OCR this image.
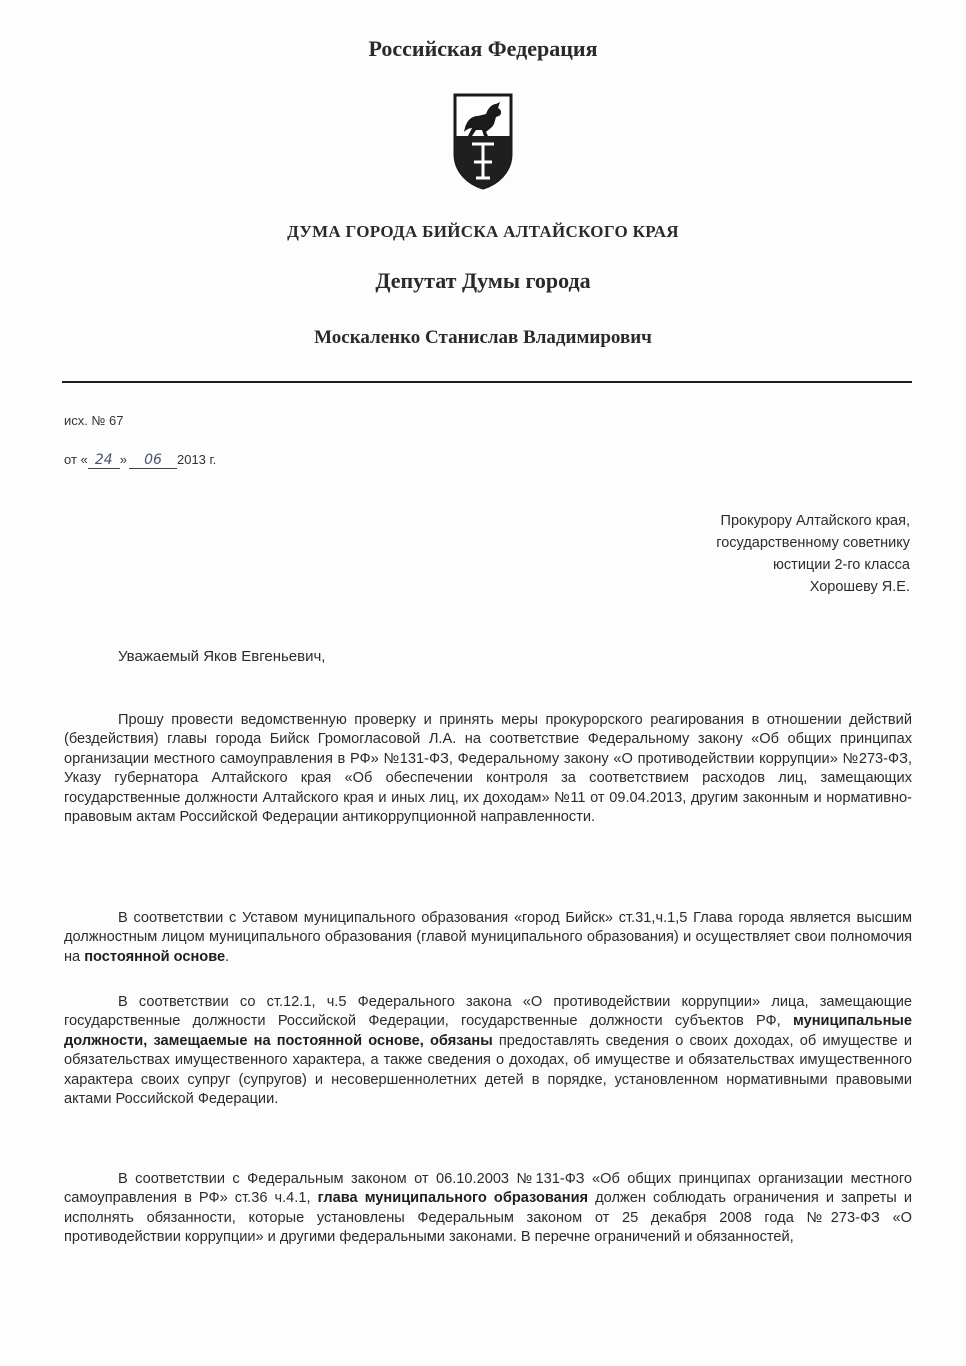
Российская Федерация
ДУМА ГОРОДА БИЙСКА АЛТАЙСКОГО КРАЯ
Депутат Думы города
Москаленко Станислав Владимирович
исх. № 67
от « 24 » 06 2013 г.
Прокурору Алтайского края,
государственному советнику
юстиции 2-го класса
Хорошеву Я.Е.
Уважаемый Яков Евгеньевич,

Прошу провести ведомственную проверку и принять меры прокурорского реагирования в отношении действий (бездействия) главы города Бийск Громогласовой Л.А. на соответствие Федеральному закону «Об общих принципах организации местного самоуправления в РФ» №131-ФЗ, Федеральному закону «О противодействии коррупции» №273-ФЗ, Указу губернатора Алтайского края «Об обеспечении контроля за соответствием расходов лиц, замещающих государственные должности Алтайского края и иных лиц, их доходам» №11 от 09.04.2013, другим законным и нормативно-правовым актам Российской Федерации антикоррупционной направленности.

В соответствии с Уставом муниципального образования «город Бийск» ст.31,ч.1,5 Глава города является высшим должностным лицом муниципального образования (главой муниципального образования) и осуществляет свои полномочия на постоянной основе.

В соответствии со ст.12.1, ч.5 Федерального закона «О противодействии коррупции» лица, замещающие государственные должности Российской Федерации, государственные должности субъектов РФ, муниципальные должности, замещаемые на постоянной основе, обязаны предоставлять сведения о своих доходах, об имуществе и обязательствах имущественного характера, а также сведения о доходах, об имуществе и обязательствах имущественного характера своих супруг (супругов) и несовершеннолетних детей в порядке, установленном нормативными правовыми актами Российской Федерации.

В соответствии с Федеральным законом от 06.10.2003 №131-ФЗ «Об общих принципах организации местного самоуправления в РФ» ст.36 ч.4.1, глава муниципального образования должен соблюдать ограничения и запреты и исполнять обязанности, которые установлены Федеральным законом от 25 декабря 2008 года №273-ФЗ «О противодействии коррупции» и другими федеральными законами. В перечне ограничений и обязанностей,
